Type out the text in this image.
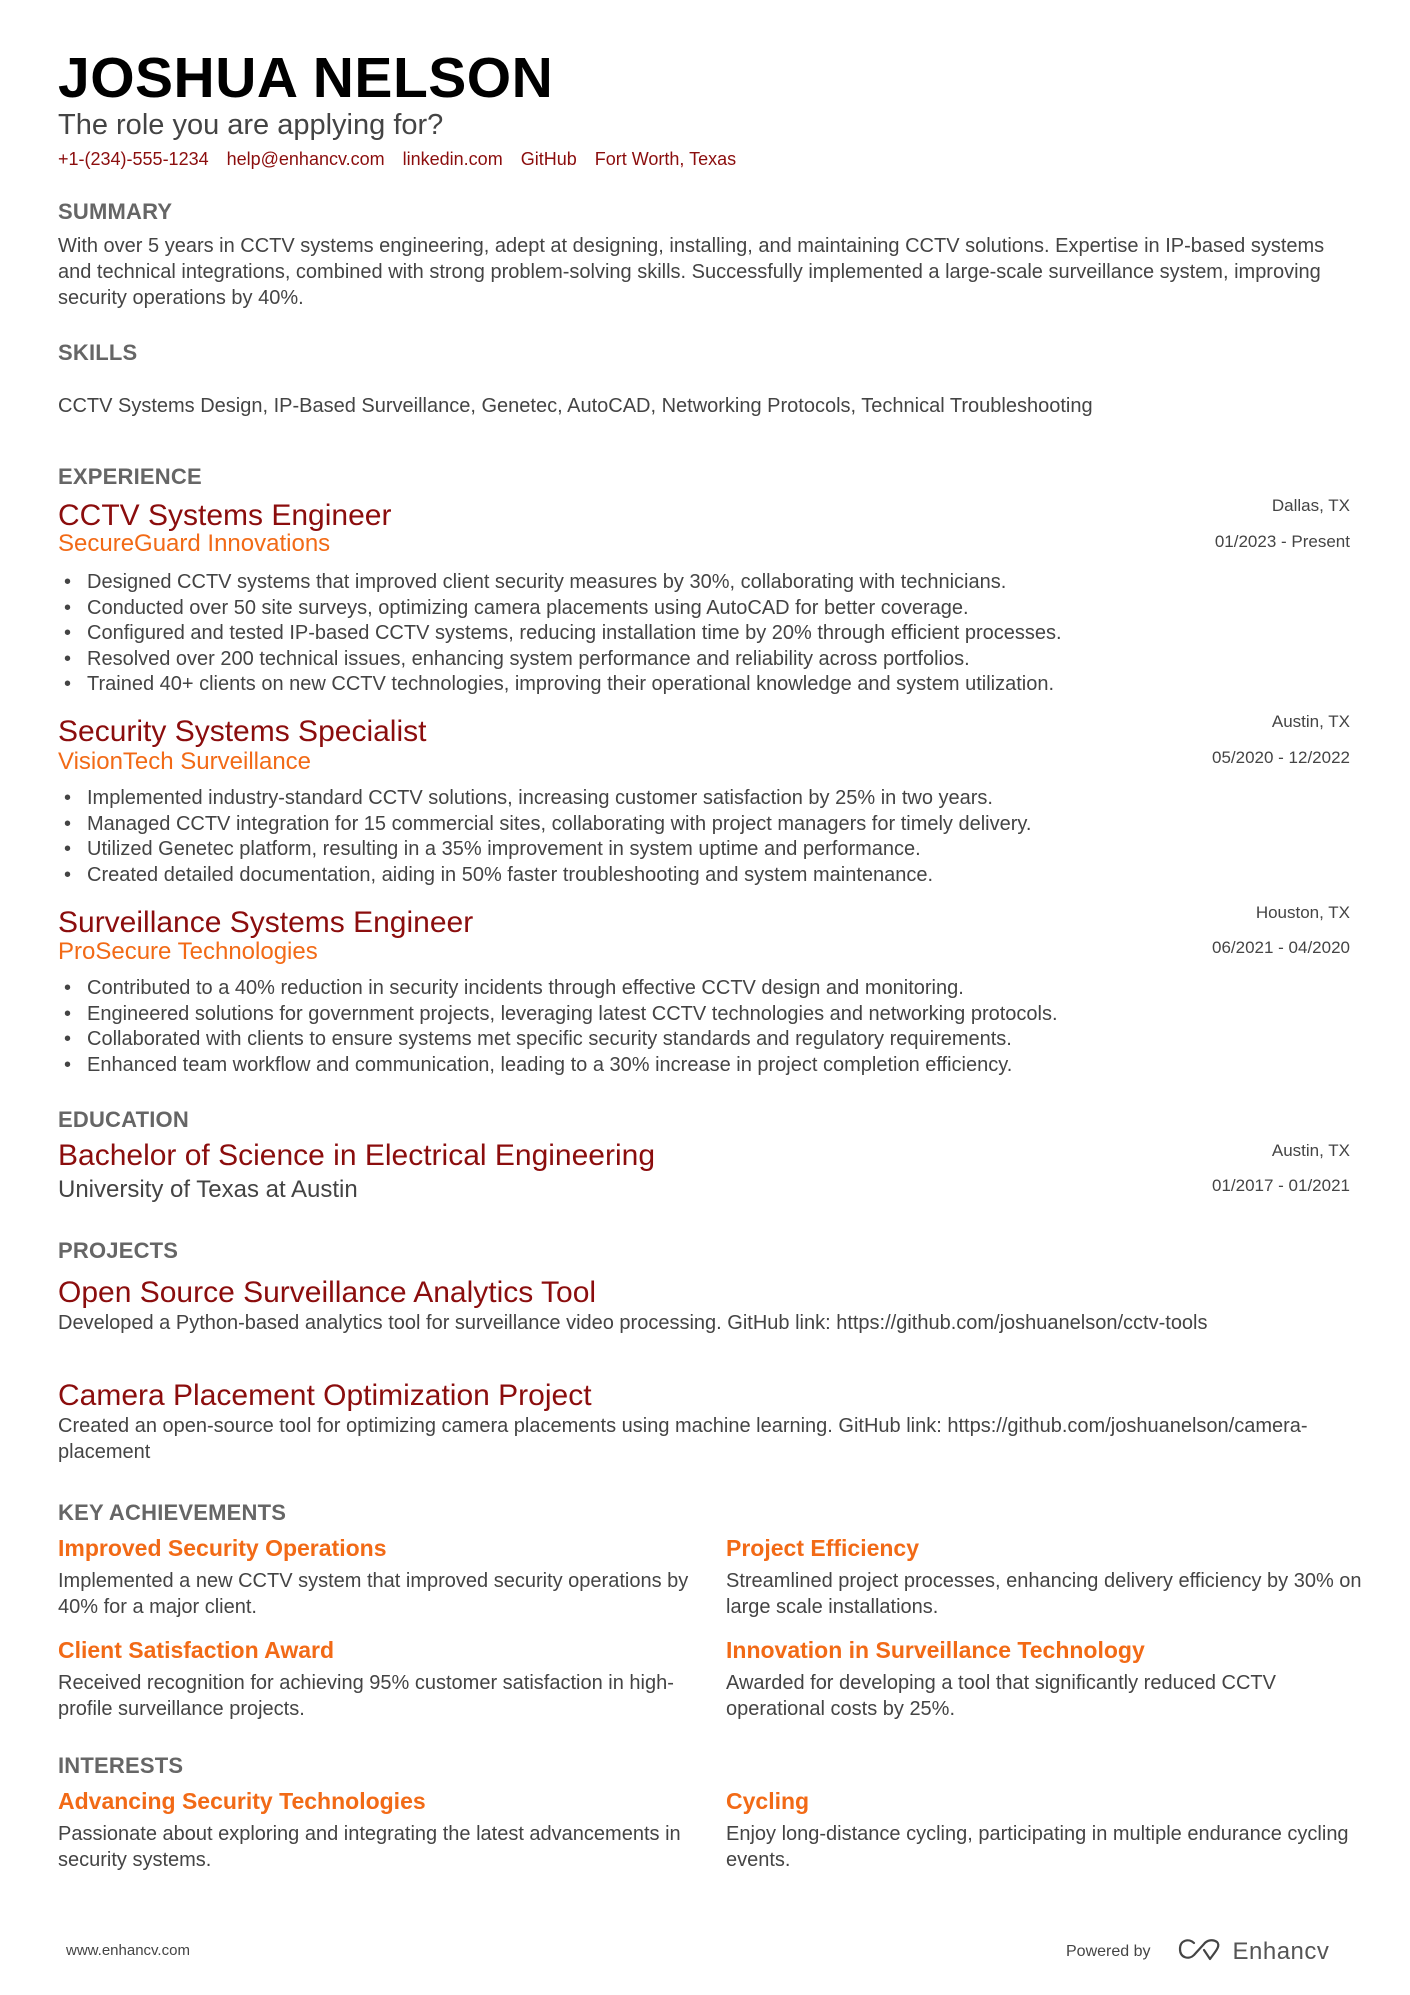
JOSHUA NELSON
The role you are applying for?
+1-(234)-555-1234 help@enhancv.com linkedin.com GitHub Fort Worth, Texas
SUMMARY
With over 5 years in CCTV systems engineering, adept at designing, installing, and maintaining CCTV solutions. Expertise in IP-based systems and technical integrations, combined with strong problem-solving skills. Successfully implemented a large-scale surveillance system, improving security operations by 40%.
SKILLS
CCTV Systems Design, IP-Based Surveillance, Genetec, AutoCAD, Networking Protocols, Technical Troubleshooting
EXPERIENCE
CCTV Systems Engineer	Dallas, TX
SecureGuard Innovations	01/2023 - Present
• Designed CCTV systems that improved client security measures by 30%, collaborating with technicians.
• Conducted over 50 site surveys, optimizing camera placements using AutoCAD for better coverage.
• Configured and tested IP-based CCTV systems, reducing installation time by 20% through efficient processes.
• Resolved over 200 technical issues, enhancing system performance and reliability across portfolios.
• Trained 40+ clients on new CCTV technologies, improving their operational knowledge and system utilization.
Security Systems Specialist	Austin, TX
VisionTech Surveillance	05/2020 - 12/2022
• Implemented industry-standard CCTV solutions, increasing customer satisfaction by 25% in two years.
• Managed CCTV integration for 15 commercial sites, collaborating with project managers for timely delivery.
• Utilized Genetec platform, resulting in a 35% improvement in system uptime and performance.
• Created detailed documentation, aiding in 50% faster troubleshooting and system maintenance.
Surveillance Systems Engineer	Houston, TX
ProSecure Technologies	06/2021 - 04/2020
• Contributed to a 40% reduction in security incidents through effective CCTV design and monitoring.
• Engineered solutions for government projects, leveraging latest CCTV technologies and networking protocols.
• Collaborated with clients to ensure systems met specific security standards and regulatory requirements.
• Enhanced team workflow and communication, leading to a 30% increase in project completion efficiency.
EDUCATION
Bachelor of Science in Electrical Engineering	Austin, TX
University of Texas at Austin	01/2017 - 01/2021
PROJECTS
Open Source Surveillance Analytics Tool
Developed a Python-based analytics tool for surveillance video processing. GitHub link: https://github.com/joshuanelson/cctv-tools
Camera Placement Optimization Project
Created an open-source tool for optimizing camera placements using machine learning. GitHub link: https://github.com/joshuanelson/camera-placement
KEY ACHIEVEMENTS
Improved Security Operations
Implemented a new CCTV system that improved security operations by 40% for a major client.
Project Efficiency
Streamlined project processes, enhancing delivery efficiency by 30% on large scale installations.
Client Satisfaction Award
Received recognition for achieving 95% customer satisfaction in high-profile surveillance projects.
Innovation in Surveillance Technology
Awarded for developing a tool that significantly reduced CCTV operational costs by 25%.
INTERESTS
Advancing Security Technologies
Passionate about exploring and integrating the latest advancements in security systems.
Cycling
Enjoy long-distance cycling, participating in multiple endurance cycling events.
www.enhancv.com	Powered by	Enhancv
